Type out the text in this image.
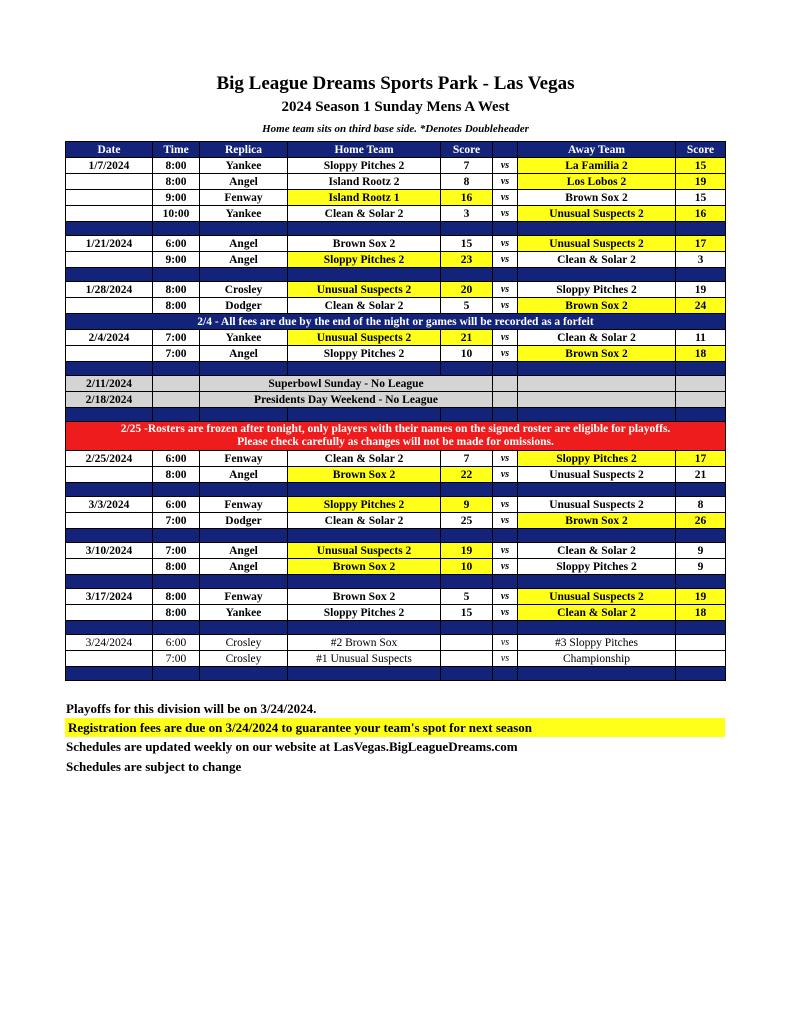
Big League Dreams Sports Park - Las Vegas
2024 Season 1 Sunday Mens A West
Home team sits on third base side. *Denotes Doubleheader
Date	Time	Replica	Home Team	Score		Away Team	Score
1/7/2024	8:00	Yankee	Sloppy Pitches 2	7	vs	La Familia 2	15
	8:00	Angel	Island Rootz 2	8	vs	Los Lobos 2	19
	9:00	Fenway	Island Rootz 1	16	vs	Brown Sox 2	15
	10:00	Yankee	Clean & Solar 2	3	vs	Unusual Suspects 2	16

1/21/2024	6:00	Angel	Brown Sox 2	15	vs	Unusual Suspects 2	17
	9:00	Angel	Sloppy Pitches 2	23	vs	Clean & Solar 2	3

1/28/2024	8:00	Crosley	Unusual Suspects 2	20	vs	Sloppy Pitches 2	19
	8:00	Dodger	Clean & Solar 2	5	vs	Brown Sox 2	24
2/4 - All fees are due by the end of the night or games will be recorded as a forfeit							
2/4/2024	7:00	Yankee	Unusual Suspects 2	21	vs	Clean & Solar 2	11
	7:00	Angel	Sloppy Pitches 2	10	vs	Brown Sox 2	18

2/11/2024		Superbowl Sunday - No League					
2/18/2024		Presidents Day Weekend - No League					

2/25 -Rosters are frozen after tonight, only players with their names on the signed roster are eligible for playoffs.
Please check carefully as changes will not be made for omissions.							

2/25/2024	6:00	Fenway	Clean & Solar 2	7	vs	Sloppy Pitches 2	17
	8:00	Angel	Brown Sox 2	22	vs	Unusual Suspects 2	21

3/3/2024	6:00	Fenway	Sloppy Pitches 2	9	vs	Unusual Suspects 2	8
	7:00	Dodger	Clean & Solar 2	25	vs	Brown Sox 2	26

3/10/2024	7:00	Angel	Unusual Suspects 2	19	vs	Clean & Solar 2	9
	8:00	Angel	Brown Sox 2	10	vs	Sloppy Pitches 2	9

3/17/2024	8:00	Fenway	Brown Sox 2	5	vs	Unusual Suspects 2	19
	8:00	Yankee	Sloppy Pitches 2	15	vs	Clean & Solar 2	18

3/24/2024	6:00	Crosley	#2 Brown Sox		vs	#3 Sloppy Pitches	
	7:00	Crosley	#1 Unusual Suspects		vs	Championship	

Playoffs for this division will be on 3/24/2024.
Registration fees are due on 3/24/2024 to guarantee your team's spot for next season
Schedules are updated weekly on our website at LasVegas.BigLeagueDreams.com
Schedules are subject to change
